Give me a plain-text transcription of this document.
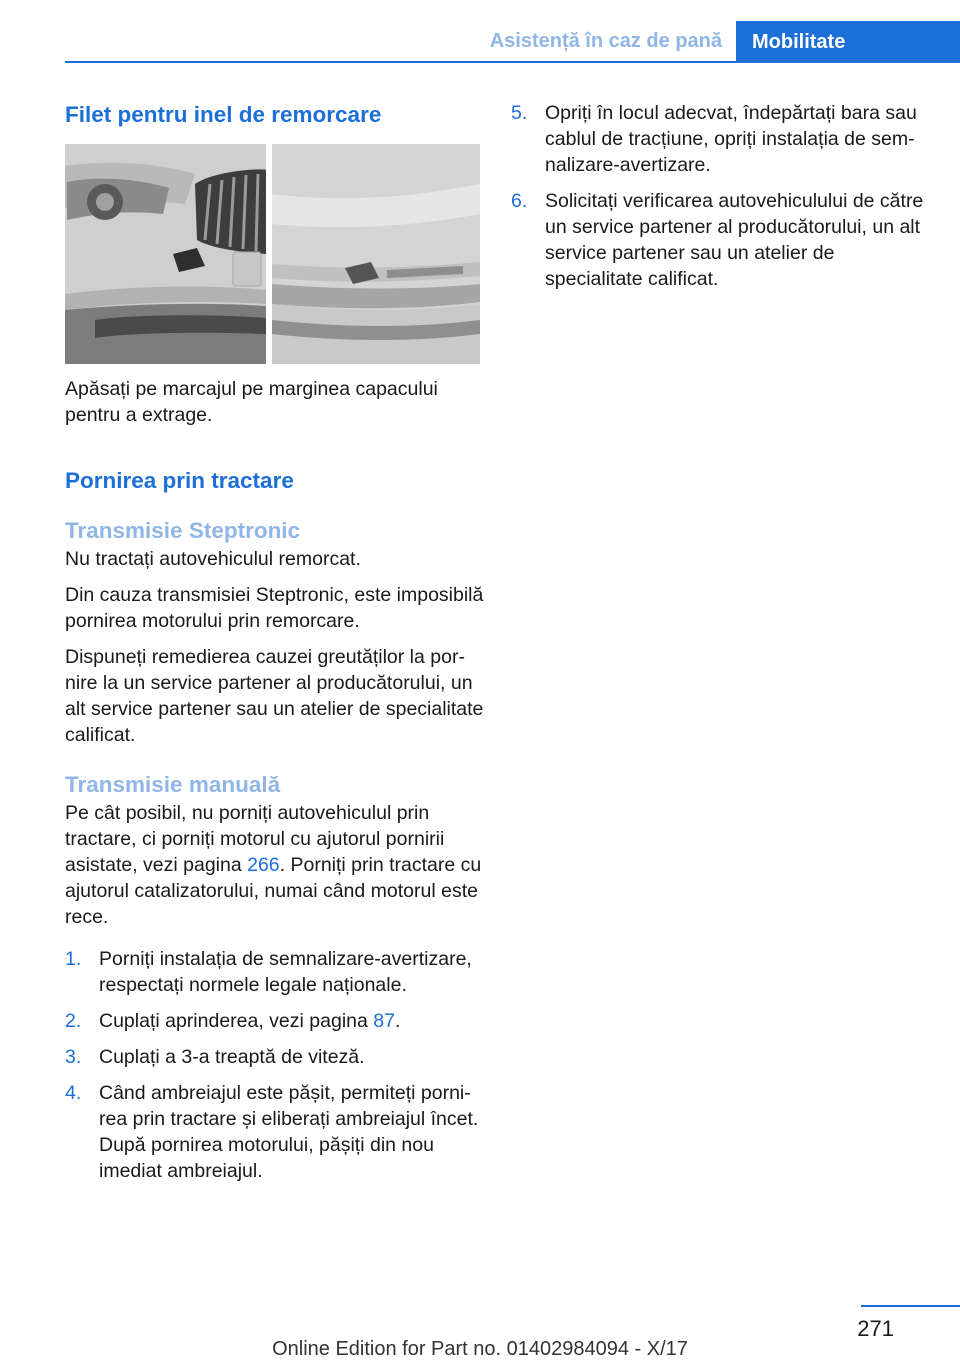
Asistență în caz de pană Mobilitate
Filet pentru inel de remorcare

Apăsați pe marcajul pe marginea capacului pentru a extrage.

Pornirea prin tractare
Transmisie Steptronic

Nu tractați autovehiculul remorcat.

Din cauza transmisiei Steptronic, este imposibilă pornirea motorului prin remorcare.

Dispuneți remedierea cauzei greutăților la pornire la un service partener al producătorului, un alt service partener sau un atelier de specialitate calificat.

Transmisie manuală

Pe cât posibil, nu porniți autovehiculul prin tractare, ci porniți motorul cu ajutorul pornirii asistate, vezi pagina 266. Porniți prin tractare cu ajutorul catalizatorului, numai când motorul este rece.

1. Porniți instalația de semnalizare-avertizare, respectați normele legale naționale.
2. Cuplați aprinderea, vezi pagina 87.
3. Cuplați a 3-a treaptă de viteză.
4. Când ambreiajul este pășit, permiteți pornirea prin tractare și eliberați ambreiajul încet. După pornirea motorului, pășiți din nou imediat ambreiajul.
5. Opriți în locul adecvat, îndepărtați bara sau cablul de tracțiune, opriți instalația de semnalizare-avertizare.
6. Solicitați verificarea autovehiculului de către un service partener al producătorului, un alt service partener sau un atelier de specialitate calificat.
271
Online Edition for Part no. 01402984094 - X/17
